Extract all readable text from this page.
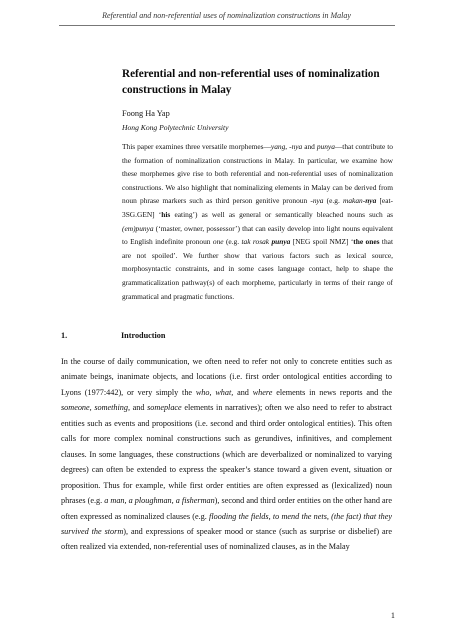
Referential and non-referential uses of nominalization constructions in Malay
Referential and non-referential uses of nominalization constructions in Malay
Foong Ha Yap
Hong Kong Polytechnic University
This paper examines three versatile morphemes—yang, -nya and punya—that contribute to the formation of nominalization constructions in Malay. In particular, we examine how these morphemes give rise to both referential and non-referential uses of nominalization constructions. We also highlight that nominalizing elements in Malay can be derived from noun phrase markers such as third person genitive pronoun -nya (e.g. makan-nya [eat-3SG.GEN] ‘his eating’) as well as general or semantically bleached nouns such as (em)punya (‘master, owner, possessor’) that can easily develop into light nouns equivalent to English indefinite pronoun one (e.g. tak rosak punya [NEG spoil NMZ] ‘the ones that are not spoiled’. We further show that various factors such as lexical source, morphosyntactic constraints, and in some cases language contact, help to shape the grammaticalization pathway(s) of each morpheme, particularly in terms of their range of grammatical and pragmatic functions.
1.	Introduction
In the course of daily communication, we often need to refer not only to concrete entities such as animate beings, inanimate objects, and locations (i.e. first order ontological entities according to Lyons (1977:442), or very simply the who, what, and where elements in news reports and the someone, something, and someplace elements in narratives); often we also need to refer to abstract entities such as events and propositions (i.e. second and third order ontological entities). This often calls for more complex nominal constructions such as gerundives, infinitives, and complement clauses. In some languages, these constructions (which are deverbalized or nominalized to varying degrees) can often be extended to express the speaker’s stance toward a given event, situation or proposition. Thus for example, while first order entities are often expressed as (lexicalized) noun phrases (e.g. a man, a ploughman, a fisherman), second and third order entities on the other hand are often expressed as nominalized clauses (e.g. flooding the fields, to mend the nets, (the fact) that they survived the storm), and expressions of speaker mood or stance (such as surprise or disbelief) are often realized via extended, non-referential uses of nominalized clauses, as in the Malay
1
